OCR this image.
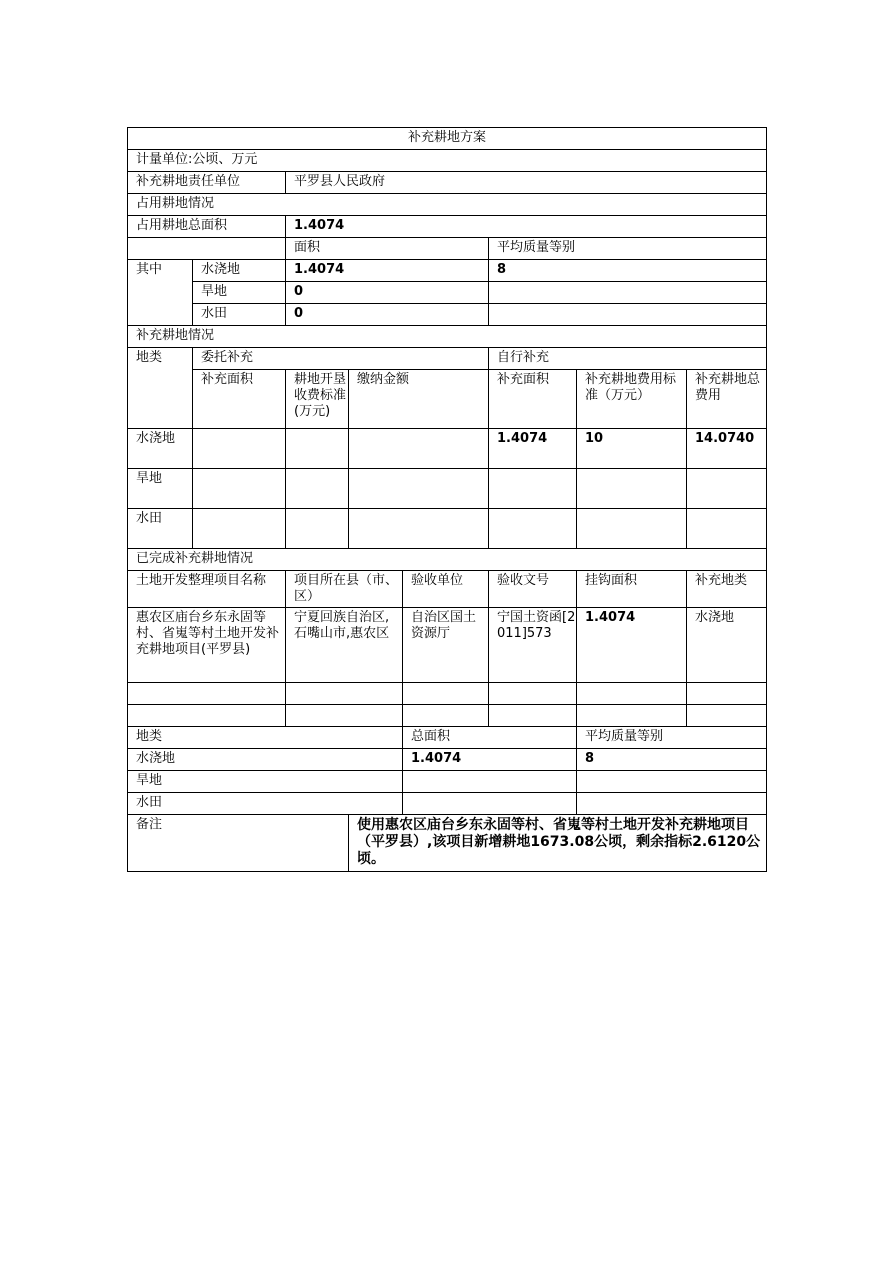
补充耕地方案							
计量单位:公顷、万元							
补充耕地责任单位		平罗县人民政府					
占用耕地情况							
占用耕地总面积		1.4074					
		面积			平均质量等别		
其中	水浇地	1.4074			8		
	旱地	0					
	水田	0					
补充耕地情况							
地类	委托补充				自行补充		
	补充面积	耕地开垦收费标准(万元)	缴纳金额		补充面积	补充耕地费用标准（万元）	补充耕地总费用
水浇地					1.4074	10	14.0740
旱地							
水田							
已完成补充耕地情况							
土地开发整理项目名称		项目所在县（市、区）		验收单位	验收文号	挂钩面积	补充地类
惠农区庙台乡东永固等村、省嵬等村土地开发补充耕地项目(平罗县)		宁夏回族自治区,石嘴山市,惠农区		自治区国土资源厅	宁国土资函[2011]573	1.4074	水浇地

地类				总面积		平均质量等别	
水浇地				1.4074		8	
旱地							
水田							
备注			使用惠农区庙台乡东永固等村、省嵬等村土地开发补充耕地项目（平罗县）,该项目新增耕地1673.08公顷，剩余指标2.6120公顷。				
